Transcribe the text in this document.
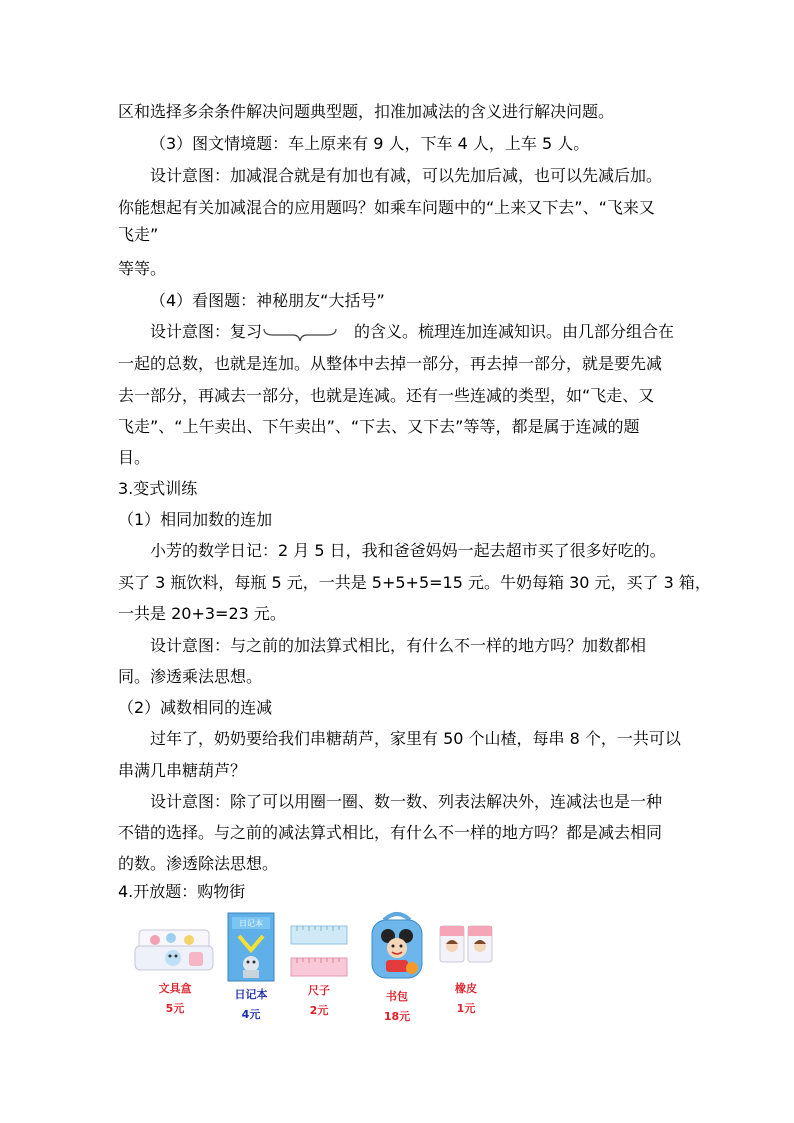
区和选择多余条件解决问题典型题，扣准加减法的含义进行解决问题。
（3）图文情境题：车上原来有 9 人，下车 4 人，上车 5 人。
设计意图：加减混合就是有加也有减，可以先加后减，也可以先减后加。
你能想起有关加减混合的应用题吗？如乘车问题中的“上来又下去”、“飞来又
飞走”
等等。
（4）看图题：神秘朋友“大括号”
设计意图：复习	的含义。梳理连加连减知识。由几部分组合在
一起的总数，也就是连加。从整体中去掉一部分，再去掉一部分，就是要先减
去一部分，再减去一部分，也就是连减。还有一些连减的类型，如“飞走、又
飞走”、“上午卖出、下午卖出”、“下去、又下去”等等，都是属于连减的题
目。
3.变式训练
（1）相同加数的连加
小芳的数学日记：2 月 5 日，我和爸爸妈妈一起去超市买了很多好吃的。
买了 3 瓶饮料，每瓶 5 元，一共是 5+5+5=15 元。牛奶每箱 30 元，买了 3 箱，
一共是 20+3=23 元。
设计意图：与之前的加法算式相比，有什么不一样的地方吗？加数都相
同。渗透乘法思想。
（2）减数相同的连减
过年了，奶奶要给我们串糖葫芦，家里有 50 个山楂，每串 8 个，一共可以
串满几串糖葫芦？
设计意图：除了可以用圈一圈、数一数、列表法解决外，连减法也是一种
不错的选择。与之前的减法算式相比，有什么不一样的地方吗？都是减去相同
的数。渗透除法思想。
4.开放题：购物街
文具盒
5元
日记本
日记本
4元
尺子
2元
书包
18元
橡皮
1元
